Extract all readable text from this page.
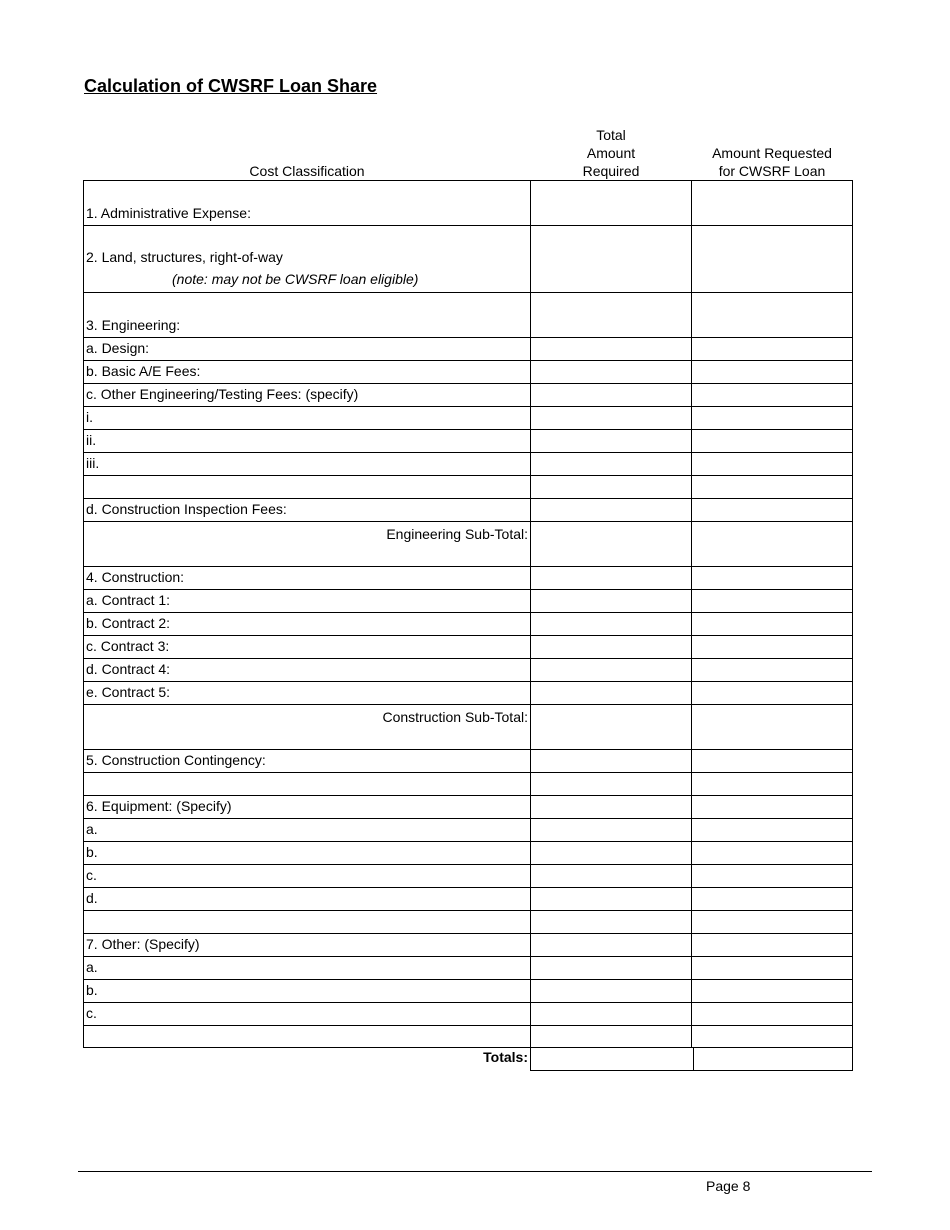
Calculation of CWSRF Loan Share
Cost Classification
Total
Amount
Required
Amount Requested
for CWSRF Loan
1. Administrative Expense:
2. Land, structures, right-of-way
(note: may not be CWSRF loan eligible)
3. Engineering:
a. Design:
b. Basic A/E Fees:
c. Other Engineering/Testing Fees: (specify)
i.
ii.
iii.
d. Construction Inspection Fees:
Engineering Sub-Total:
4. Construction:
a. Contract 1:
b. Contract 2:
c. Contract 3:
d. Contract 4:
e. Contract 5:
Construction Sub-Total:
5. Construction Contingency:
6. Equipment: (Specify)
a.
b.
c.
d.
7. Other: (Specify)
a.
b.
c.
Totals:
Page 8
